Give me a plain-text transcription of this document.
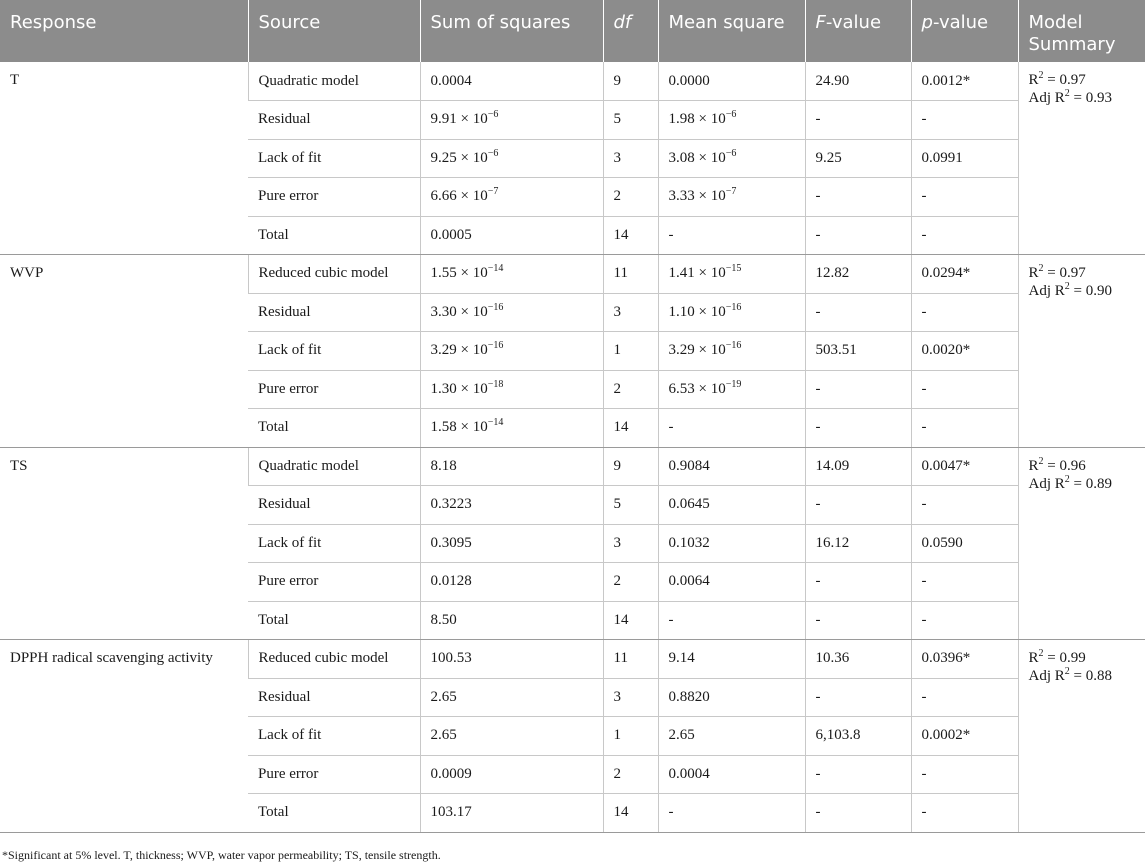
Response	Source	Sum of squares	df	Mean square	F-value	p-value	Model
Summary
T	Quadratic model	0.0004	9	0.0000	24.90	0.0012*	$R^2 = 0.97$
Adj $R^2 = 0.93$

	Residual	$9.91 \times 10^{-6}$	5	$1.98 \times 10^{-6}$	-	-	
	Lack of fit	$9.25 \times 10^{-6}$	3	$3.08 \times 10^{-6}$	9.25	0.0991	
	Pure error	$6.66 \times 10^{-7}$	2	$3.33 \times 10^{-7}$	-	-	
	Total	0.0005	14	-	-	-	
WVP	Reduced cubic model	$1.55 \times 10^{-14}$	11	$1.41 \times 10^{-15}$	12.82	0.0294*	$R^2 = 0.97$
Adj $R^2 = 0.90$

	Residual	$3.30 \times 10^{-16}$	3	$1.10 \times 10^{-16}$	-	-	
	Lack of fit	$3.29 \times 10^{-16}$	1	$3.29 \times 10^{-16}$	503.51	0.0020*	
	Pure error	$1.30 \times 10^{-18}$	2	$6.53 \times 10^{-19}$	-	-	
	Total	$1.58 \times 10^{-14}$	14	-	-	-	
TS	Quadratic model	8.18	9	0.9084	14.09	0.0047*	$R^2 = 0.96$
Adj $R^2 = 0.89$

	Residual	0.3223	5	0.0645	-	-	
	Lack of fit	0.3095	3	0.1032	16.12	0.0590	
	Pure error	0.0128	2	0.0064	-	-	
	Total	8.50	14	-	-	-	
DPPH radical scavenging activity	Reduced cubic model	100.53	11	9.14	10.36	0.0396*	$R^2 = 0.99$
Adj $R^2 = 0.88$

	Residual	2.65	3	0.8820	-	-	
	Lack of fit	2.65	1	2.65	6,103.8	0.0002*	
	Pure error	0.0009	2	0.0004	-	-	
	Total	103.17	14	-	-	-	
*Significant at 5% level. T, thickness; WVP, water vapor permeability; TS, tensile strength.
